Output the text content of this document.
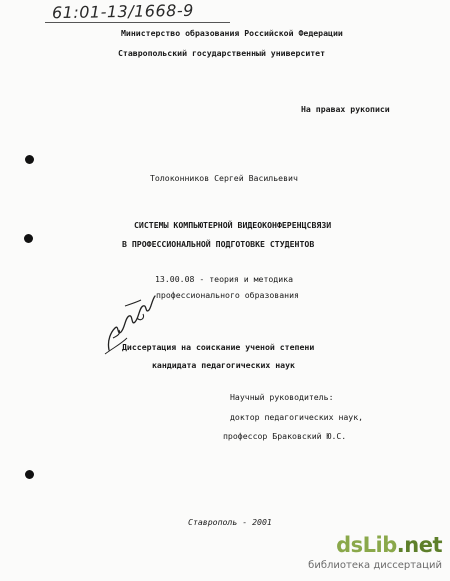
61:01-13/1668-9
Министерство образования Российской Федерации
Ставропольский государственный университет
На правах рукописи
Толоконников Сергей Васильевич
СИСТЕМЫ КОМПЬЮТЕРНОЙ ВИДЕОКОНФЕРЕНЦСВЯЗИ
В ПРОФЕССИОНАЛЬНОЙ ПОДГОТОВКЕ СТУДЕНТОВ
13.00.08 - теория и методика
профессионального образования
Диссертация на соискание ученой степени
кандидата педагогических наук
Научный руководитель:
доктор педагогических наук,
профессор Браковский Ю.С.
Ставрополь - 2001
dsLib.net
библиотека диссертаций
